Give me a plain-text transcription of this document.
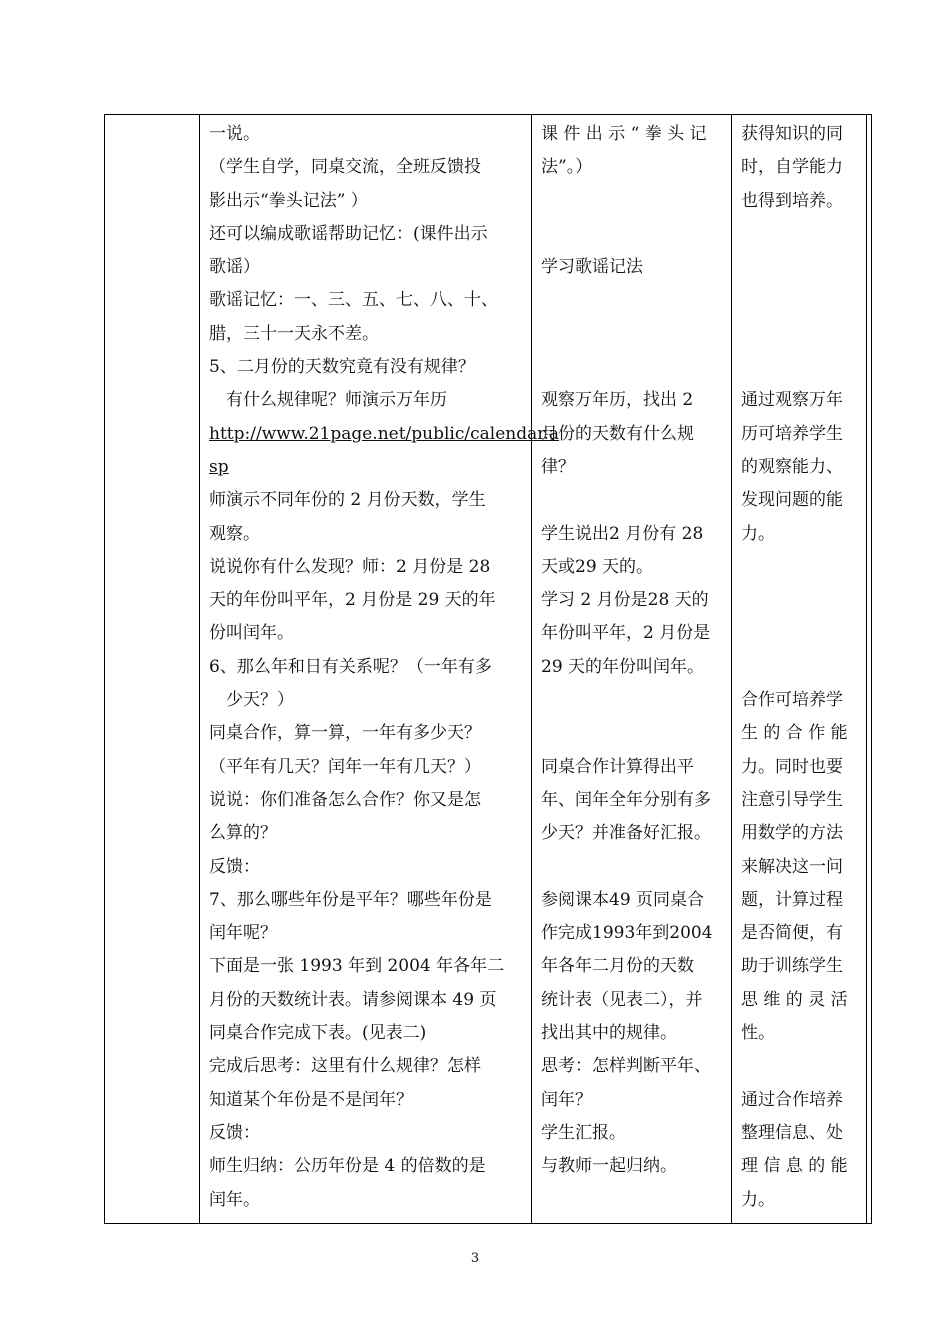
一说。
（学生自学，同桌交流，全班反馈投
影出示“拳头记法” ）
还可以编成歌谣帮助记忆：(课件出示
歌谣）
歌谣记忆：一、三、五、七、八、十、
腊，三十一天永不差。
5、二月份的天数究竟有没有规律？
　有什么规律呢？师演示万年历
http://www.21page.net/public/calendar.a
sp
师演示不同年份的 2 月份天数，学生
观察。
说说你有什么发现？师：2 月份是 28
天的年份叫平年，2 月份是 29 天的年
份叫闰年。
6、那么年和日有关系呢？（一年有多
　少天？）
同桌合作，算一算，一年有多少天？
（平年有几天？闰年一年有几天？）
说说：你们准备怎么合作？你又是怎
么算的？
反馈：
7、那么哪些年份是平年？哪些年份是
闰年呢？
下面是一张 1993 年到 2004 年各年二
月份的天数统计表。请参阅课本 49 页
同桌合作完成下表。(见表二)
完成后思考：这里有什么规律？怎样
知道某个年份是不是闰年？
反馈：
师生归纳：公历年份是 4 的倍数的是
闰年。
课 件 出 示 “ 拳 头 记
法”。）
学习歌谣记法
观察万年历，找出 2
月份的天数有什么规
律？
学生说出2 月份有 28
天或29 天的。
学习 2 月份是28 天的
年份叫平年，2 月份是
29 天的年份叫闰年。
同桌合作计算得出平
年、闰年全年分别有多
少天？并准备好汇报。
参阅课本49 页同桌合
作完成1993年到2004
年各年二月份的天数
统计表（见表二），并
找出其中的规律。
思考：怎样判断平年、
闰年？
学生汇报。
与教师一起归纳。
获得知识的同
时，自学能力
也得到培养。
通过观察万年
历可培养学生
的观察能力、
发现问题的能
力。
合作可培养学
生 的 合 作 能
力。同时也要
注意引导学生
用数学的方法
来解决这一问
题，计算过程
是否简便，有
助于训练学生
思 维 的 灵 活
性。
通过合作培养
整理信息、处
理 信 息 的 能
力。
3
